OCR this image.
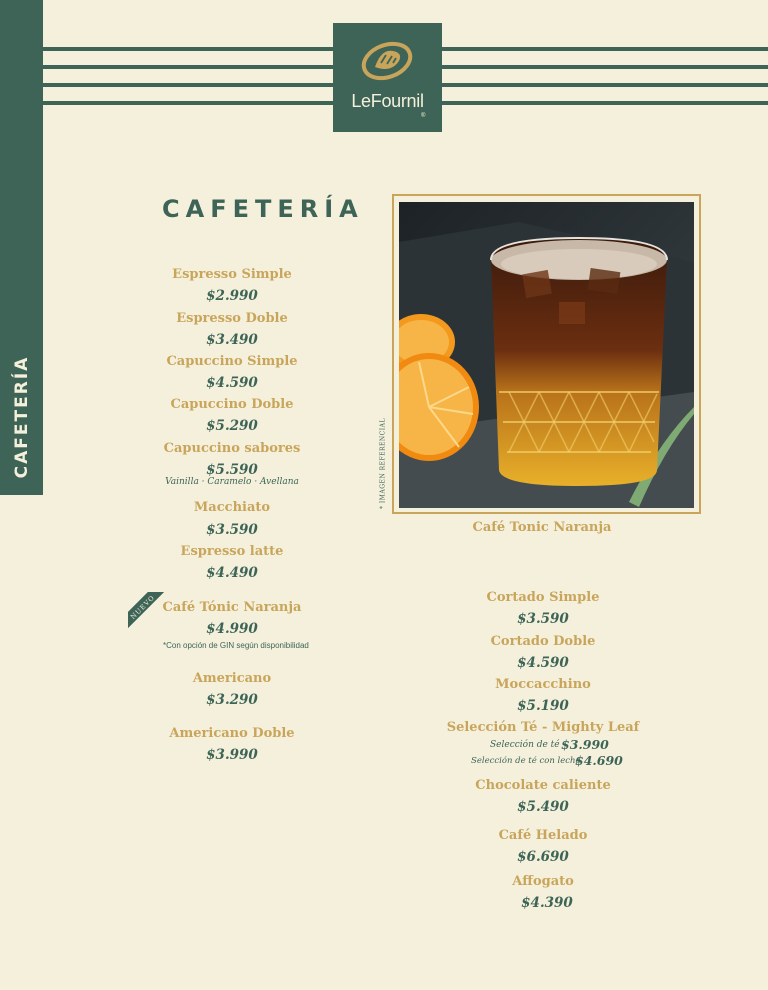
CAFETERÍA
LeFournil
®
CAFETERÍA
Espresso Simple
$2.990
Espresso Doble
$3.490
Capuccino Simple
$4.590
Capuccino Doble
$5.290
Capuccino sabores
$5.590
Vainilla · Caramelo · Avellana
Macchiato
$3.590
Espresso latte
$4.490
NUEVO Café Tónic Naranja
$4.990
*Con opción de GIN según disponibilidad
Americano
$3.290
Americano Doble
$3.990
* IMAGEN REFERENCIAL
Café Tonic Naranja
Cortado Simple
$3.590
Cortado Doble
$4.590
Moccacchino
$5.190
Selección Té - Mighty Leaf
Selección de té $3.990
Selección de té con leche
$4.690
Chocolate caliente
$5.490
Café Helado
$6.690
Affogato
$4.390
